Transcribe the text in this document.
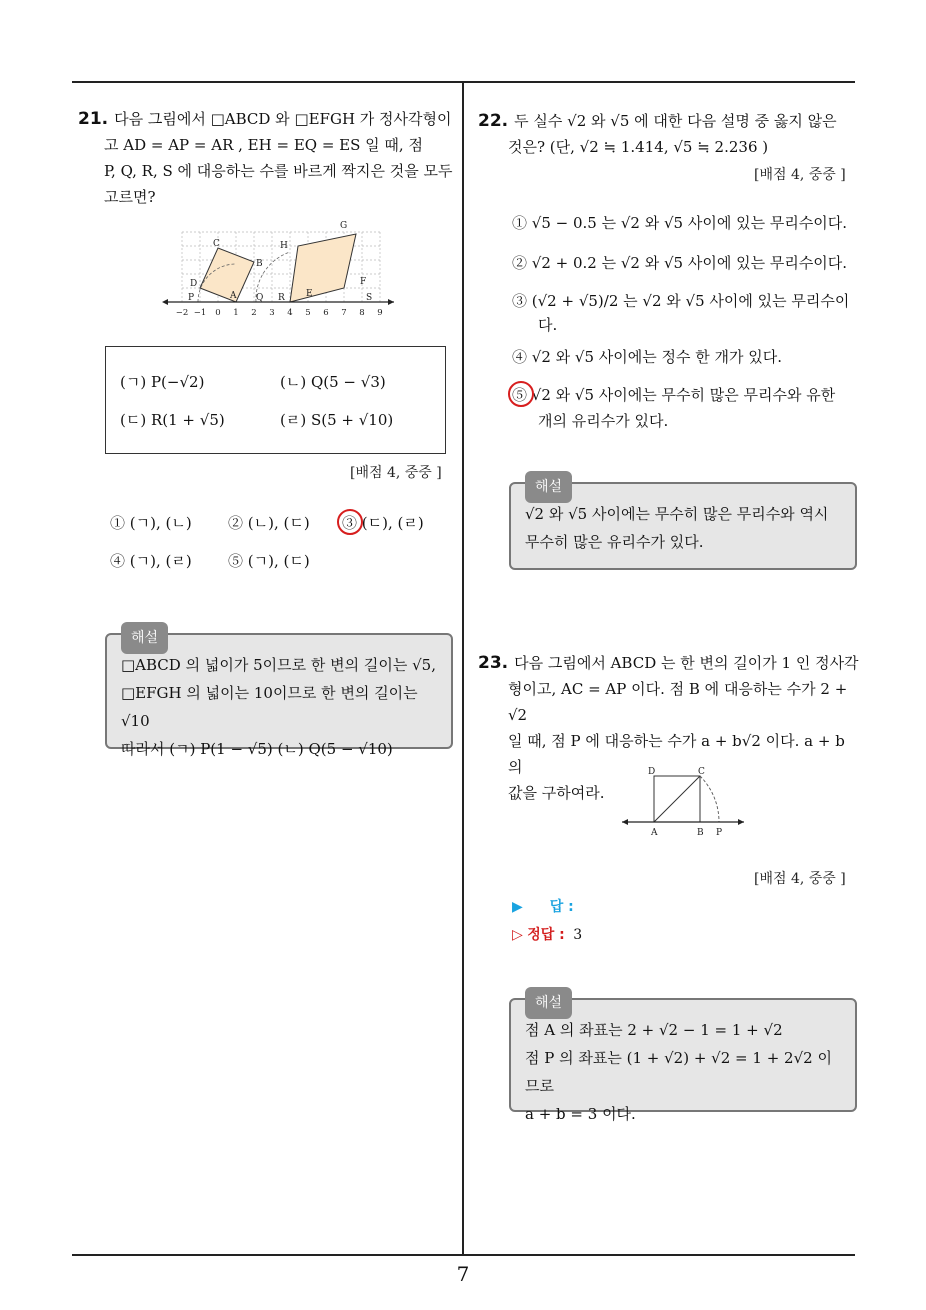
21. 다음 그림에서 □ABCD 와 □EFGH 가 정사각형이
고 AD = AP = AR , EH = EQ = ES 일 때, 점
P, Q, R, S 에 대응하는 수를 바르게 짝지은 것을 모두
고르면?
C
B
D
A
P	Q R
H
G
E
F
S
−2 −1 0 1 2 3 4 5 6 7 8 9
(ㄱ) P(−√2)	(ㄴ) Q(5 − √3)
(ㄷ) R(1 + √5)	(ㄹ) S(5 + √10)
[배점 4, 중중 ]
① (ㄱ), (ㄴ) ② (ㄴ), (ㄷ) ③ (ㄷ), (ㄹ)
④ (ㄱ), (ㄹ) ⑤ (ㄱ), (ㄷ)
해설
□ABCD 의 넓이가 5이므로 한 변의 길이는 √5,
□EFGH 의 넓이는 10이므로 한 변의 길이는 √10
따라서 (ㄱ) P(1 − √5) (ㄴ) Q(5 − √10)
22. 두 실수 √2 와 √5 에 대한 다음 설명 중 옳지 않은
것은? (단, √2 ≒ 1.414, √5 ≒ 2.236 )
[배점 4, 중중 ]
① √5 − 0.5 는 √2 와 √5 사이에 있는 무리수이다.
② √2 + 0.2 는 √2 와 √5 사이에 있는 무리수이다.
③ (√2 + √5)/2 는 √2 와 √5 사이에 있는 무리수이
다.
④ √2 와 √5 사이에는 정수 한 개가 있다.
⑤ √2 와 √5 사이에는 무수히 많은 무리수와 유한
개의 유리수가 있다.
해설
√2 와 √5 사이에는 무수히 많은 무리수와 역시
무수히 많은 유리수가 있다.
23. 다음 그림에서 ABCD 는 한 변의 길이가 1 인 정사각
형이고, AC = AP 이다. 점 B 에 대응하는 수가 2 + √2
일 때, 점 P 에 대응하는 수가 a + b√2 이다. a + b 의
값을 구하여라.
D	C
A	B P
[배점 4, 중중 ]
▶ 답 :
▷ 정답 : 3
해설
점 A 의 좌표는 2 + √2 − 1 = 1 + √2
점 P 의 좌표는 (1 + √2) + √2 = 1 + 2√2 이므로
a + b = 3 이다.
7
